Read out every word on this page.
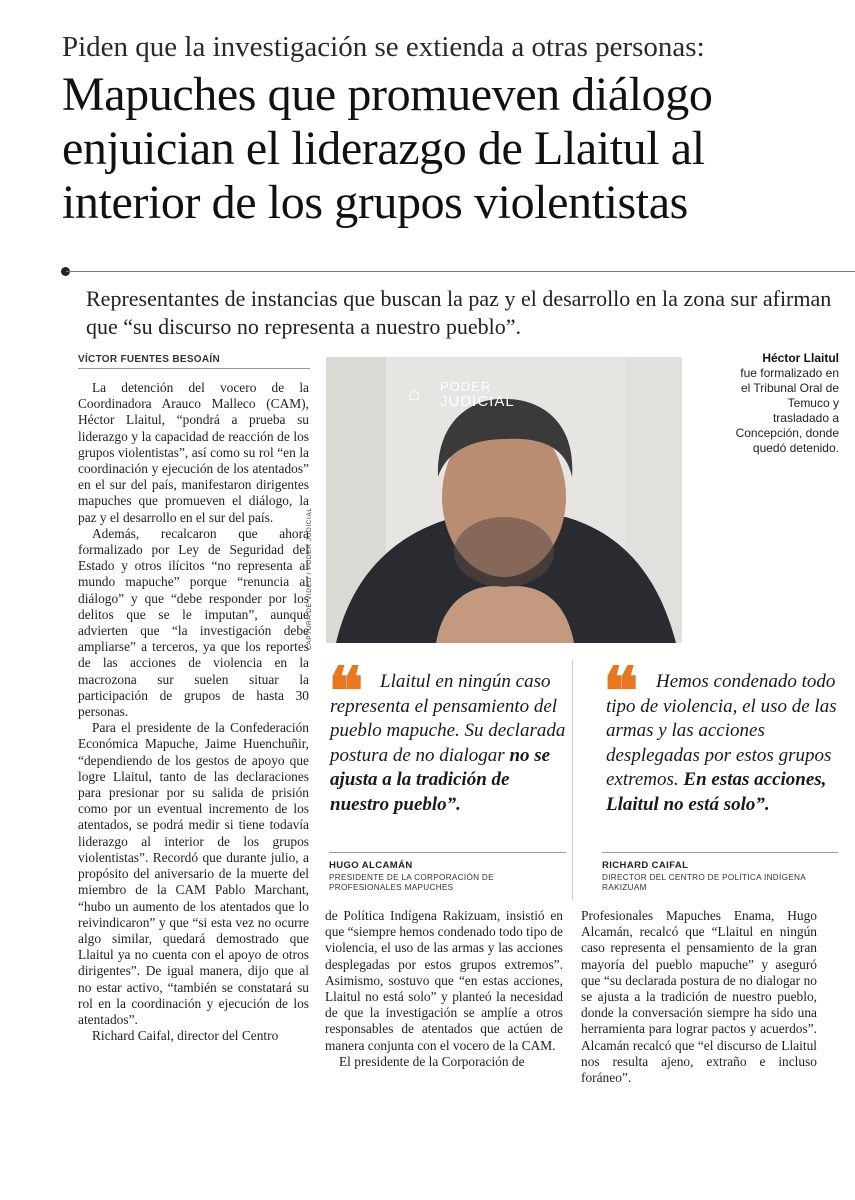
Piden que la investigación se extienda a otras personas:
Mapuches que promueven diálogo enjuician el liderazgo de Llaitul al interior de los grupos violentistas
Representantes de instancias que buscan la paz y el desarrollo en la zona sur afirman que “su discurso no representa a nuestro pueblo”.
VÍCTOR FUENTES BESOAÍN

La detención del vocero de la Coordinadora Arauco Malleco (CAM), Héctor Llaitul, “pondrá a prueba su liderazgo y la capacidad de reacción de los grupos violentistas”, así como su rol “en la coordinación y ejecución de los atentados” en el sur del país, manifestaron dirigentes mapuches que promueven el diálogo, la paz y el desarrollo en el sur del país.

Además, recalcaron que ahora formalizado por Ley de Seguridad del Estado y otros ilícitos “no representa al mundo mapuche” porque “renuncia al diálogo” y que “debe responder por los delitos que se le imputan”, aunque advierten que “la investigación debe ampliarse” a terceros, ya que los reportes de las acciones de violencia en la macrozona sur suelen situar la participación de grupos de hasta 30 personas.

Para el presidente de la Confederación Económica Mapuche, Jaime Huenchuñir, “dependiendo de los gestos de apoyo que logre Llaitul, tanto de las declaraciones para presionar por su salida de prisión como por un eventual incremento de los atentados, se podrá medir si tiene todavía liderazgo al interior de los grupos violentistas”. Recordó que durante julio, a propósito del aniversario de la muerte del miembro de la CAM Pablo Marchant, “hubo un aumento de los atentados que lo reivindicaron” y que “si esta vez no ocurre algo similar, quedará demostrado que Llaitul ya no cuenta con el apoyo de otros dirigentes”. De igual manera, dijo que al no estar activo, “también se constatará su rol en la coordinación y ejecución de los atentados”.

Richard Caifal, director del Centro

⌂ PODER
JUDICIAL
CAPTURA DE VIDEO / PODER JUDICIAL
Héctor Llaitul
fue formalizado en el Tribunal Oral de Temuco y trasladado a Concepción, donde quedó detenido.
❝ Llaitul en ningún caso representa el pensamiento del pueblo mapuche. Su declarada postura de no dialogar no se ajusta a la tradición de nuestro pueblo”.
❝ Hemos condenado todo tipo de violencia, el uso de las armas y las acciones desplegadas por estos grupos extremos. En estas acciones, Llaitul no está solo”.
HUGO ALCAMÁN
PRESIDENTE DE LA CORPORACIÓN DE PROFESIONALES MAPUCHES
RICHARD CAIFAL
DIRECTOR DEL CENTRO DE POLÍTICA INDÍGENA RAKIZUAM

de Política Indígena Rakizuam, insistió en que “siempre hemos condenado todo tipo de violencia, el uso de las armas y las acciones desplegadas por estos grupos extremos”. Asimismo, sostuvo que “en estas acciones, Llaitul no está solo” y planteó la necesidad de que la investigación se amplíe a otros responsables de atentados que actúen de manera conjunta con el vocero de la CAM.

El presidente de la Corporación de

Profesionales Mapuches Enama, Hugo Alcamán, recalcó que “Llaitul en ningún caso representa el pensamiento de la gran mayoría del pueblo mapuche” y aseguró que “su declarada postura de no dialogar no se ajusta a la tradición de nuestro pueblo, donde la conversación siempre ha sido una herramienta para lograr pactos y acuerdos”. Alcamán recalcó que “el discurso de Llaitul nos resulta ajeno, extraño e incluso foráneo”.
